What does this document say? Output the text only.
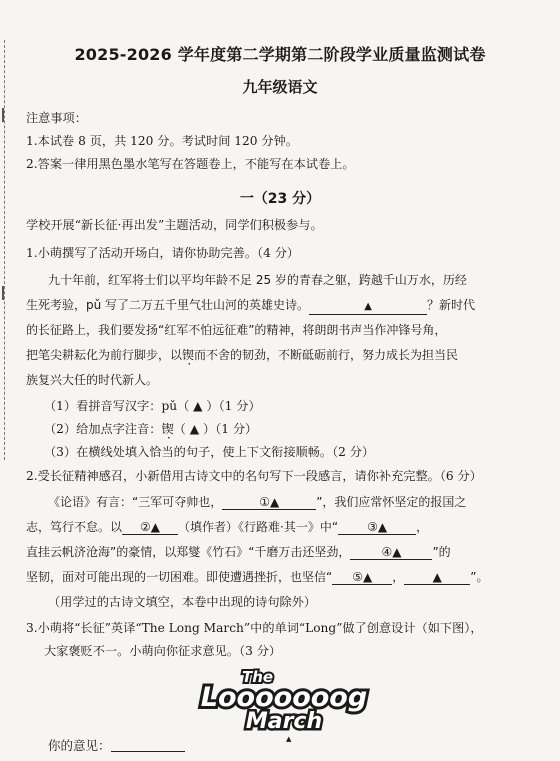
2025-2026 学年度第二学期第二阶段学业质量监测试卷
九年级语文
注意事项：
1.本试卷 8 页，共 120 分。考试时间 120 分钟。
2.答案一律用黑色墨水笔写在答题卷上，不能写在本试卷上。
一（23 分）
学校开展“新长征·再出发”主题活动，同学们积极参与。
1.小萌撰写了活动开场白，请你协助完善。（4 分）
九十年前，红军将士们以平均年龄不足 25 岁的青春之躯，跨越千山万水，历经
生死考验，pǔ 写了二万五千里气壮山河的英雄史诗。	▲	？新时代
的长征路上，我们要发扬“红军不怕远征难”的精神，将朗朗书声当作冲锋号角，
把笔尖耕耘化为前行脚步，以锲而不舍的韧劲，不断砥砺前行，努力成长为担当民
族复兴大任的时代新人。
（1）看拼音写汉字：pǔ（ ▲ ）（1 分）
（2）给加点字注音：锲（ ▲ ）（1 分）
（3）在横线处填入恰当的句子，使上下文衔接顺畅。（2 分）
2.受长征精神感召，小新借用古诗文中的名句写下一段感言，请你补充完整。（6 分）
《论语》有言：“三军可夺帅也，	①▲	”，我们应常怀坚定的报国之
志，笃行不怠。以 ②▲ （填作者）《行路难·其一》中“ ③▲ ，
直挂云帆济沧海”的豪情，以郑燮《竹石》“千磨万击还坚劲，	④▲	”的
坚韧，面对可能出现的一切困难。即使遭遇挫折，也坚信“ ⑤▲ ， ▲ ”。
（用学过的古诗文填空，本卷中出现的诗句除外）
3.小萌将“长征”英译“The Long March”中的单词“Long”做了创意设计（如下图），
大家褒贬不一。小萌向你征求意见。（3 分）
The
Looooooog
March
你的意见：	▲
